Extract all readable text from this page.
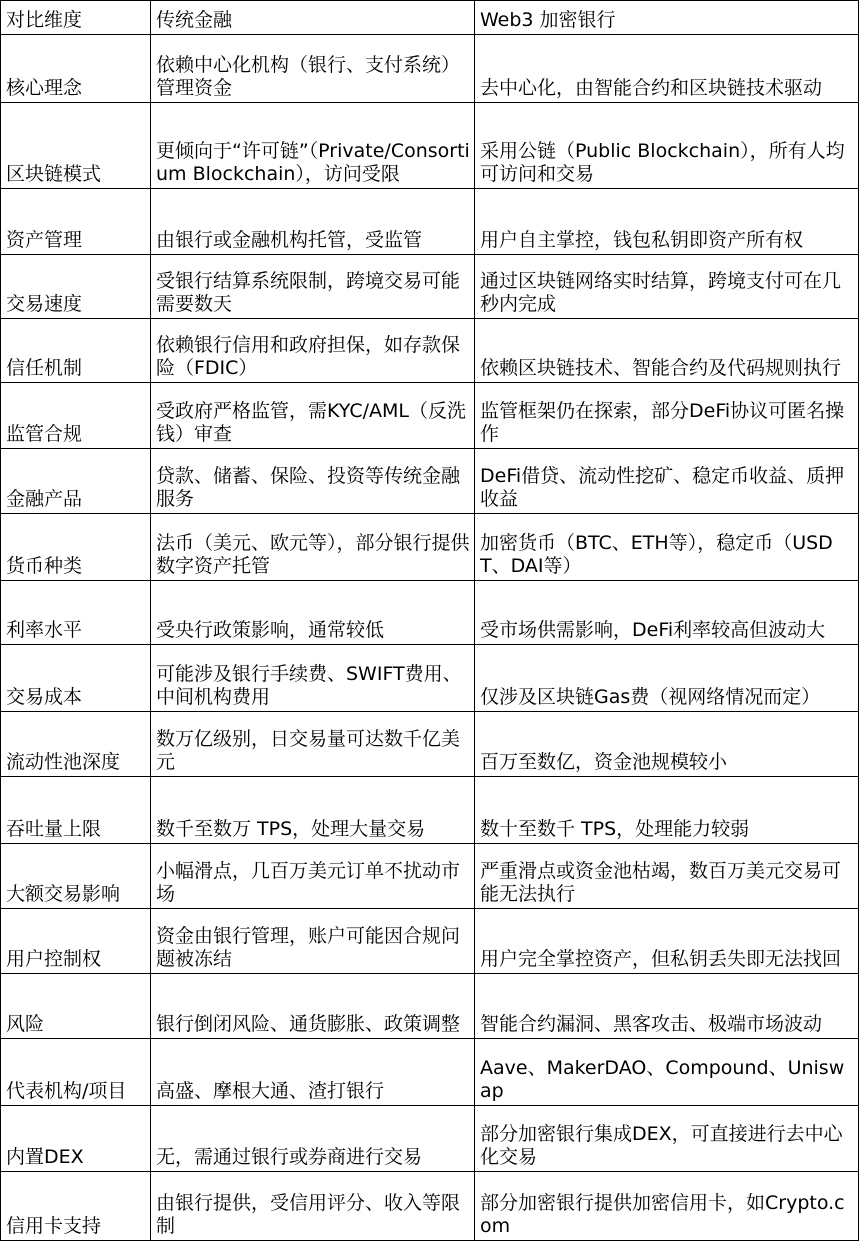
对比维度	传统金融	Web3 加密银行
核心理念	依赖中心化机构（银行、支付系统）管理资金	去中心化，由智能合约和区块链技术驱动
区块链模式	更倾向于“许可链”（Private/Consortium Blockchain），访问受限	采用公链（Public Blockchain），所有人均可访问和交易
资产管理	由银行或金融机构托管，受监管	用户自主掌控，钱包私钥即资产所有权
交易速度	受银行结算系统限制，跨境交易可能需要数天	通过区块链网络实时结算，跨境支付可在几秒内完成
信任机制	依赖银行信用和政府担保，如存款保险（FDIC）	依赖区块链技术、智能合约及代码规则执行
监管合规	受政府严格监管，需KYC/AML（反洗钱）审查	监管框架仍在探索，部分DeFi协议可匿名操作
金融产品	贷款、储蓄、保险、投资等传统金融服务	DeFi借贷、流动性挖矿、稳定币收益、质押收益
货币种类	法币（美元、欧元等），部分银行提供数字资产托管	加密货币（BTC、ETH等），稳定币（USDT、DAI等）
利率水平	受央行政策影响，通常较低	受市场供需影响，DeFi利率较高但波动大
交易成本	可能涉及银行手续费、SWIFT费用、中间机构费用	仅涉及区块链Gas费（视网络情况而定）
流动性池深度	数万亿级别，日交易量可达数千亿美元	百万至数亿，资金池规模较小
吞吐量上限	数千至数万 TPS，处理大量交易	数十至数千 TPS，处理能力较弱
大额交易影响	小幅滑点，几百万美元订单不扰动市场	严重滑点或资金池枯竭，数百万美元交易可能无法执行
用户控制权	资金由银行管理，账户可能因合规问题被冻结	用户完全掌控资产，但私钥丢失即无法找回
风险	银行倒闭风险、通货膨胀、政策调整	智能合约漏洞、黑客攻击、极端市场波动
代表机构/项目	高盛、摩根大通、渣打银行	Aave、MakerDAO、Compound、Uniswap
内置DEX	无，需通过银行或券商进行交易	部分加密银行集成DEX，可直接进行去中心化交易
信用卡支持	由银行提供，受信用评分、收入等限制	部分加密银行提供加密信用卡，如Crypto.com
